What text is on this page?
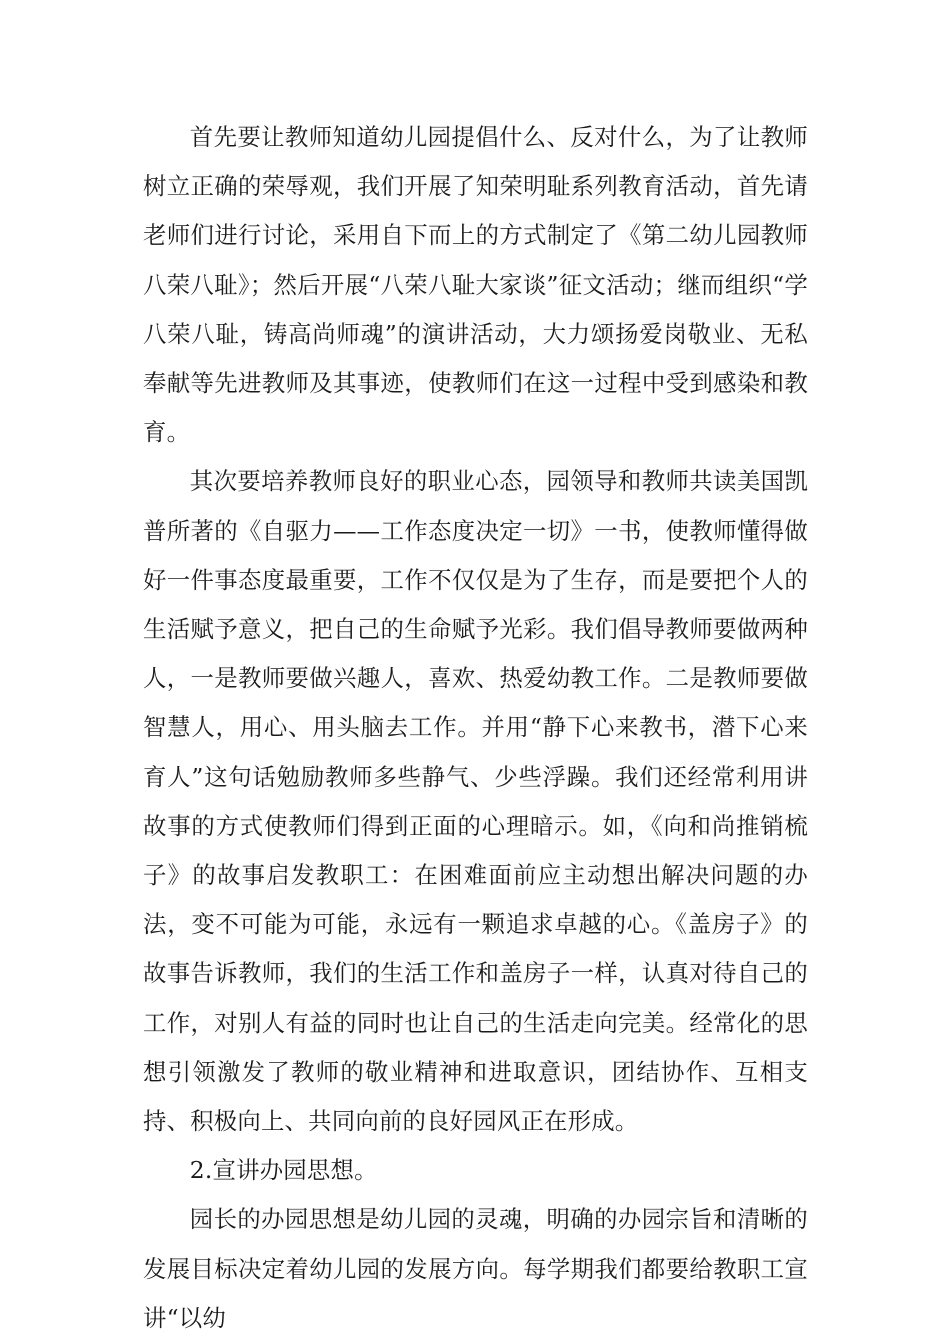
首先要让教师知道幼儿园提倡什么、反对什么，为了让教师树立正确的荣辱观，我们开展了知荣明耻系列教育活动，首先请老师们进行讨论，采用自下而上的方式制定了《第二幼儿园教师八荣八耻》；然后开展“八荣八耻大家谈”征文活动；继而组织“学八荣八耻，铸高尚师魂”的演讲活动，大力颂扬爱岗敬业、无私奉献等先进教师及其事迹，使教师们在这一过程中受到感染和教育。

其次要培养教师良好的职业心态，园领导和教师共读美国凯普所著的《自驱力——工作态度决定一切》一书，使教师懂得做好一件事态度最重要，工作不仅仅是为了生存，而是要把个人的生活赋予意义，把自己的生命赋予光彩。我们倡导教师要做两种人，一是教师要做兴趣人，喜欢、热爱幼教工作。二是教师要做智慧人，用心、用头脑去工作。并用“静下心来教书，潜下心来育人”这句话勉励教师多些静气、少些浮躁。我们还经常利用讲故事的方式使教师们得到正面的心理暗示。如，《向和尚推销梳子》的故事启发教职工：在困难面前应主动想出解决问题的办法，变不可能为可能，永远有一颗追求卓越的心。《盖房子》的故事告诉教师，我们的生活工作和盖房子一样，认真对待自己的工作，对别人有益的同时也让自己的生活走向完美。经常化的思想引领激发了教师的敬业精神和进取意识，团结协作、互相支持、积极向上、共同向前的良好园风正在形成。

2.宣讲办园思想。

园长的办园思想是幼儿园的灵魂，明确的办园宗旨和清晰的发展目标决定着幼儿园的发展方向。每学期我们都要给教职工宣讲“以幼
